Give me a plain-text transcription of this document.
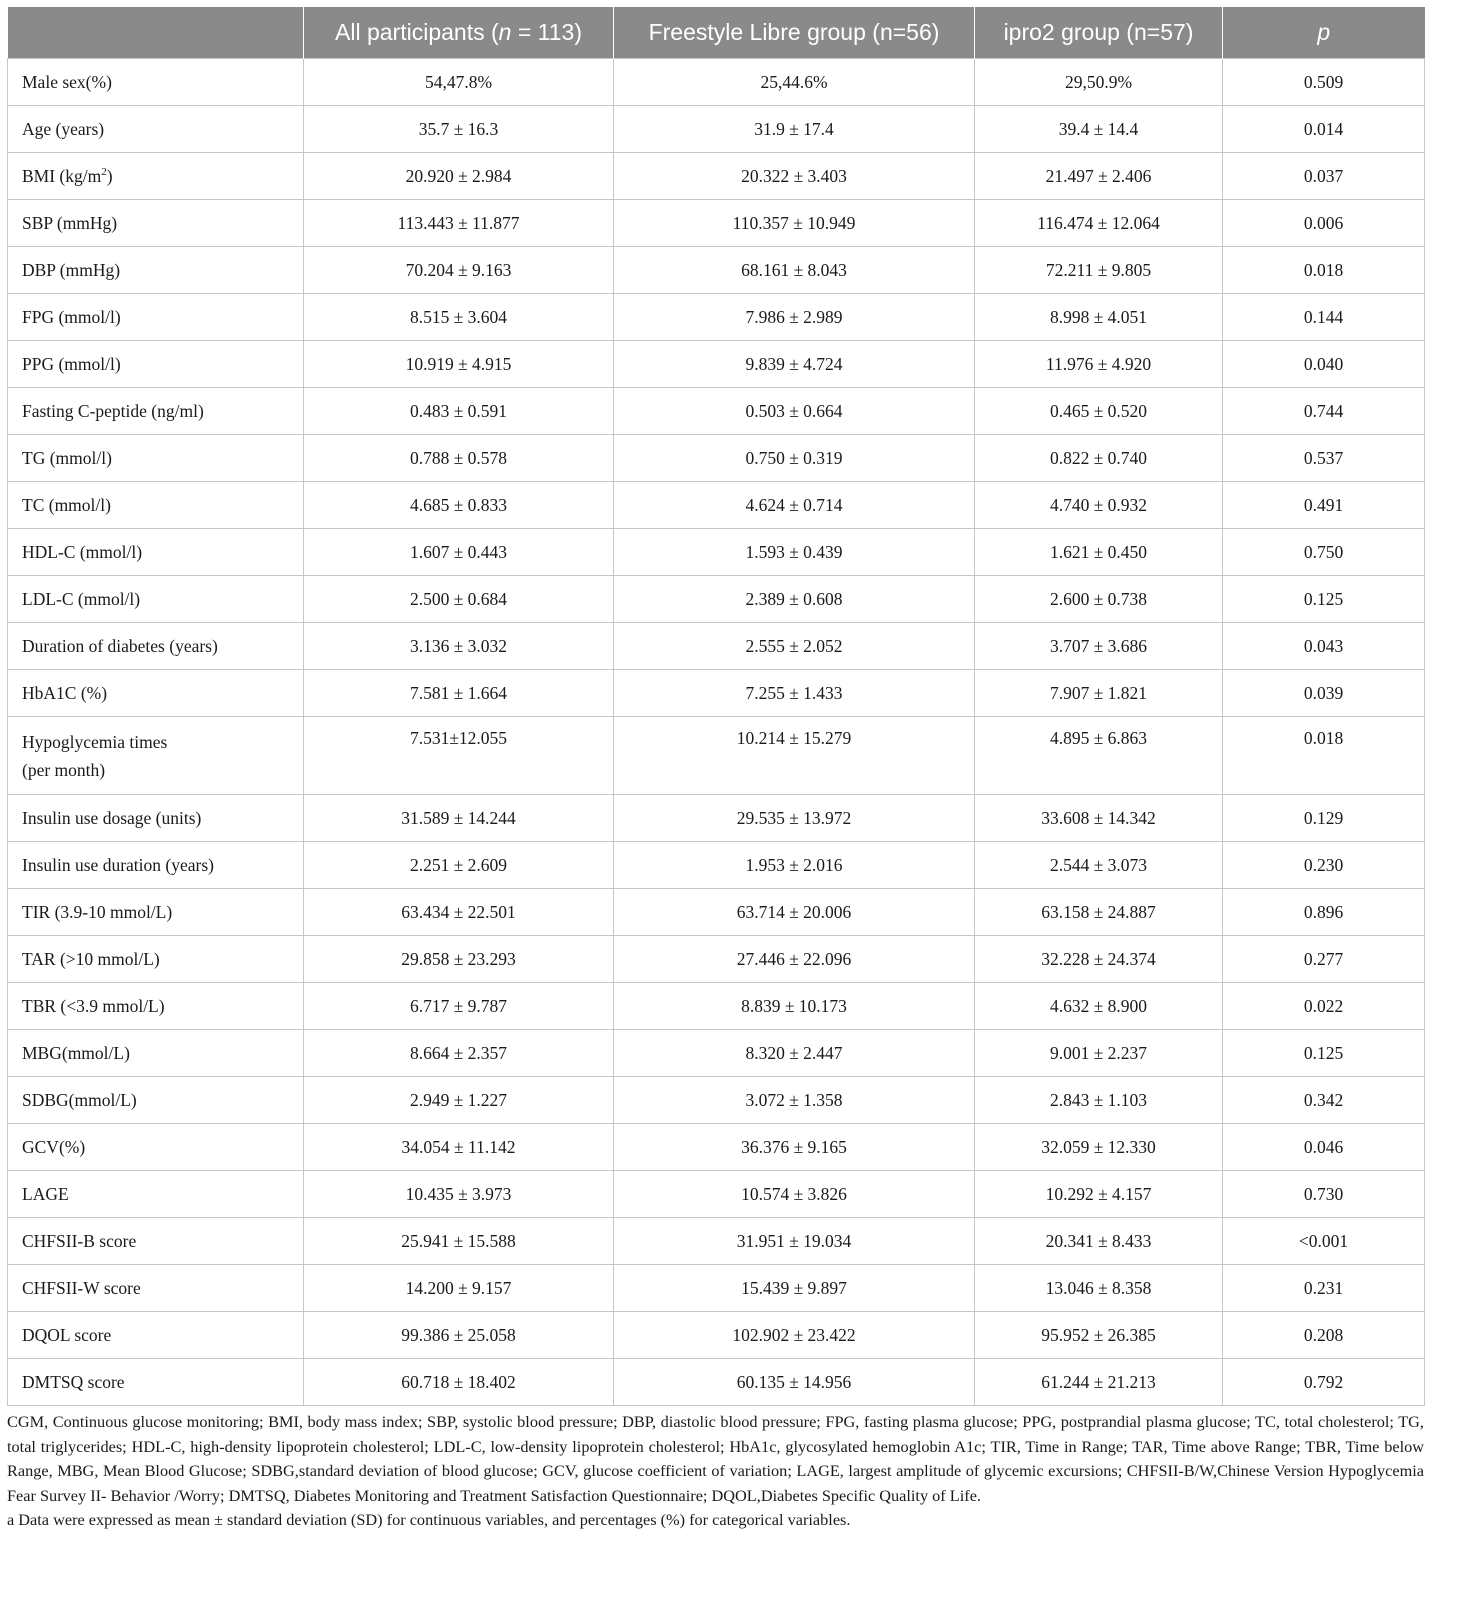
	All participants (n = 113)	Freestyle Libre group (n=56)	ipro2 group (n=57)	p
Male sex(%)	54,47.8%	25,44.6%	29,50.9%	0.509
Age (years)	35.7 ± 16.3	31.9 ± 17.4	39.4 ± 14.4	0.014
BMI $(kg/m^2)$	20.920 ± 2.984	20.322 ± 3.403	21.497 ± 2.406	0.037
SBP (mmHg)	113.443 ± 11.877	110.357 ± 10.949	116.474 ± 12.064	0.006
DBP (mmHg)	70.204 ± 9.163	68.161 ± 8.043	72.211 ± 9.805	0.018
FPG (mmol/l)	8.515 ± 3.604	7.986 ± 2.989	8.998 ± 4.051	0.144
PPG (mmol/l)	10.919 ± 4.915	9.839 ± 4.724	11.976 ± 4.920	0.040
Fasting C-peptide (ng/ml)	0.483 ± 0.591	0.503 ± 0.664	0.465 ± 0.520	0.744
TG (mmol/l)	0.788 ± 0.578	0.750 ± 0.319	0.822 ± 0.740	0.537
TC (mmol/l)	4.685 ± 0.833	4.624 ± 0.714	4.740 ± 0.932	0.491
HDL-C (mmol/l)	1.607 ± 0.443	1.593 ± 0.439	1.621 ± 0.450	0.750
LDL-C (mmol/l)	2.500 ± 0.684	2.389 ± 0.608	2.600 ± 0.738	0.125
Duration of diabetes (years)	3.136 ± 3.032	2.555 ± 2.052	3.707 ± 3.686	0.043
HbA1C (%)	7.581 ± 1.664	7.255 ± 1.433	7.907 ± 1.821	0.039

Hypoglycemia times
(per month)	7.531±12.055	10.214 ± 15.279	4.895 ± 6.863	0.018
Insulin use dosage (units)	31.589 ± 14.244	29.535 ± 13.972	33.608 ± 14.342	0.129
Insulin use duration (years)	2.251 ± 2.609	1.953 ± 2.016	2.544 ± 3.073	0.230
TIR (3.9-10 mmol/L)	63.434 ± 22.501	63.714 ± 20.006	63.158 ± 24.887	0.896
TAR (>10 mmol/L)	29.858 ± 23.293	27.446 ± 22.096	32.228 ± 24.374	0.277
TBR (<3.9 mmol/L)	6.717 ± 9.787	8.839 ± 10.173	4.632 ± 8.900	0.022
MBG(mmol/L)	8.664 ± 2.357	8.320 ± 2.447	9.001 ± 2.237	0.125
SDBG(mmol/L)	2.949 ± 1.227	3.072 ± 1.358	2.843 ± 1.103	0.342
GCV(%)	34.054 ± 11.142	36.376 ± 9.165	32.059 ± 12.330	0.046
LAGE	10.435 ± 3.973	10.574 ± 3.826	10.292 ± 4.157	0.730
CHFSII-B score	25.941 ± 15.588	31.951 ± 19.034	20.341 ± 8.433	<0.001
CHFSII-W score	14.200 ± 9.157	15.439 ± 9.897	13.046 ± 8.358	0.231
DQOL score	99.386 ± 25.058	102.902 ± 23.422	95.952 ± 26.385	0.208
DMTSQ score	60.718 ± 18.402	60.135 ± 14.956	61.244 ± 21.213	0.792

CGM, Continuous glucose monitoring; BMI, body mass index; SBP, systolic blood pressure; DBP, diastolic blood pressure; FPG, fasting plasma glucose; PPG, postprandial plasma glucose; TC, total cholesterol; TG, total triglycerides; HDL-C, high-density lipoprotein cholesterol; LDL-C, low-density lipoprotein cholesterol; HbA1c, glycosylated hemoglobin A1c; TIR, Time in Range; TAR, Time above Range; TBR, Time below Range, MBG, Mean Blood Glucose; SDBG,standard deviation of blood glucose; GCV, glucose coefficient of variation; LAGE, largest amplitude of glycemic excursions; CHFSII-B/W,Chinese Version Hypoglycemia Fear Survey II- Behavior /Worry; DMTSQ, Diabetes Monitoring and Treatment Satisfaction Questionnaire; DQOL,Diabetes Specific Quality of Life.

a Data were expressed as mean ± standard deviation (SD) for continuous variables, and percentages (%) for categorical variables.
